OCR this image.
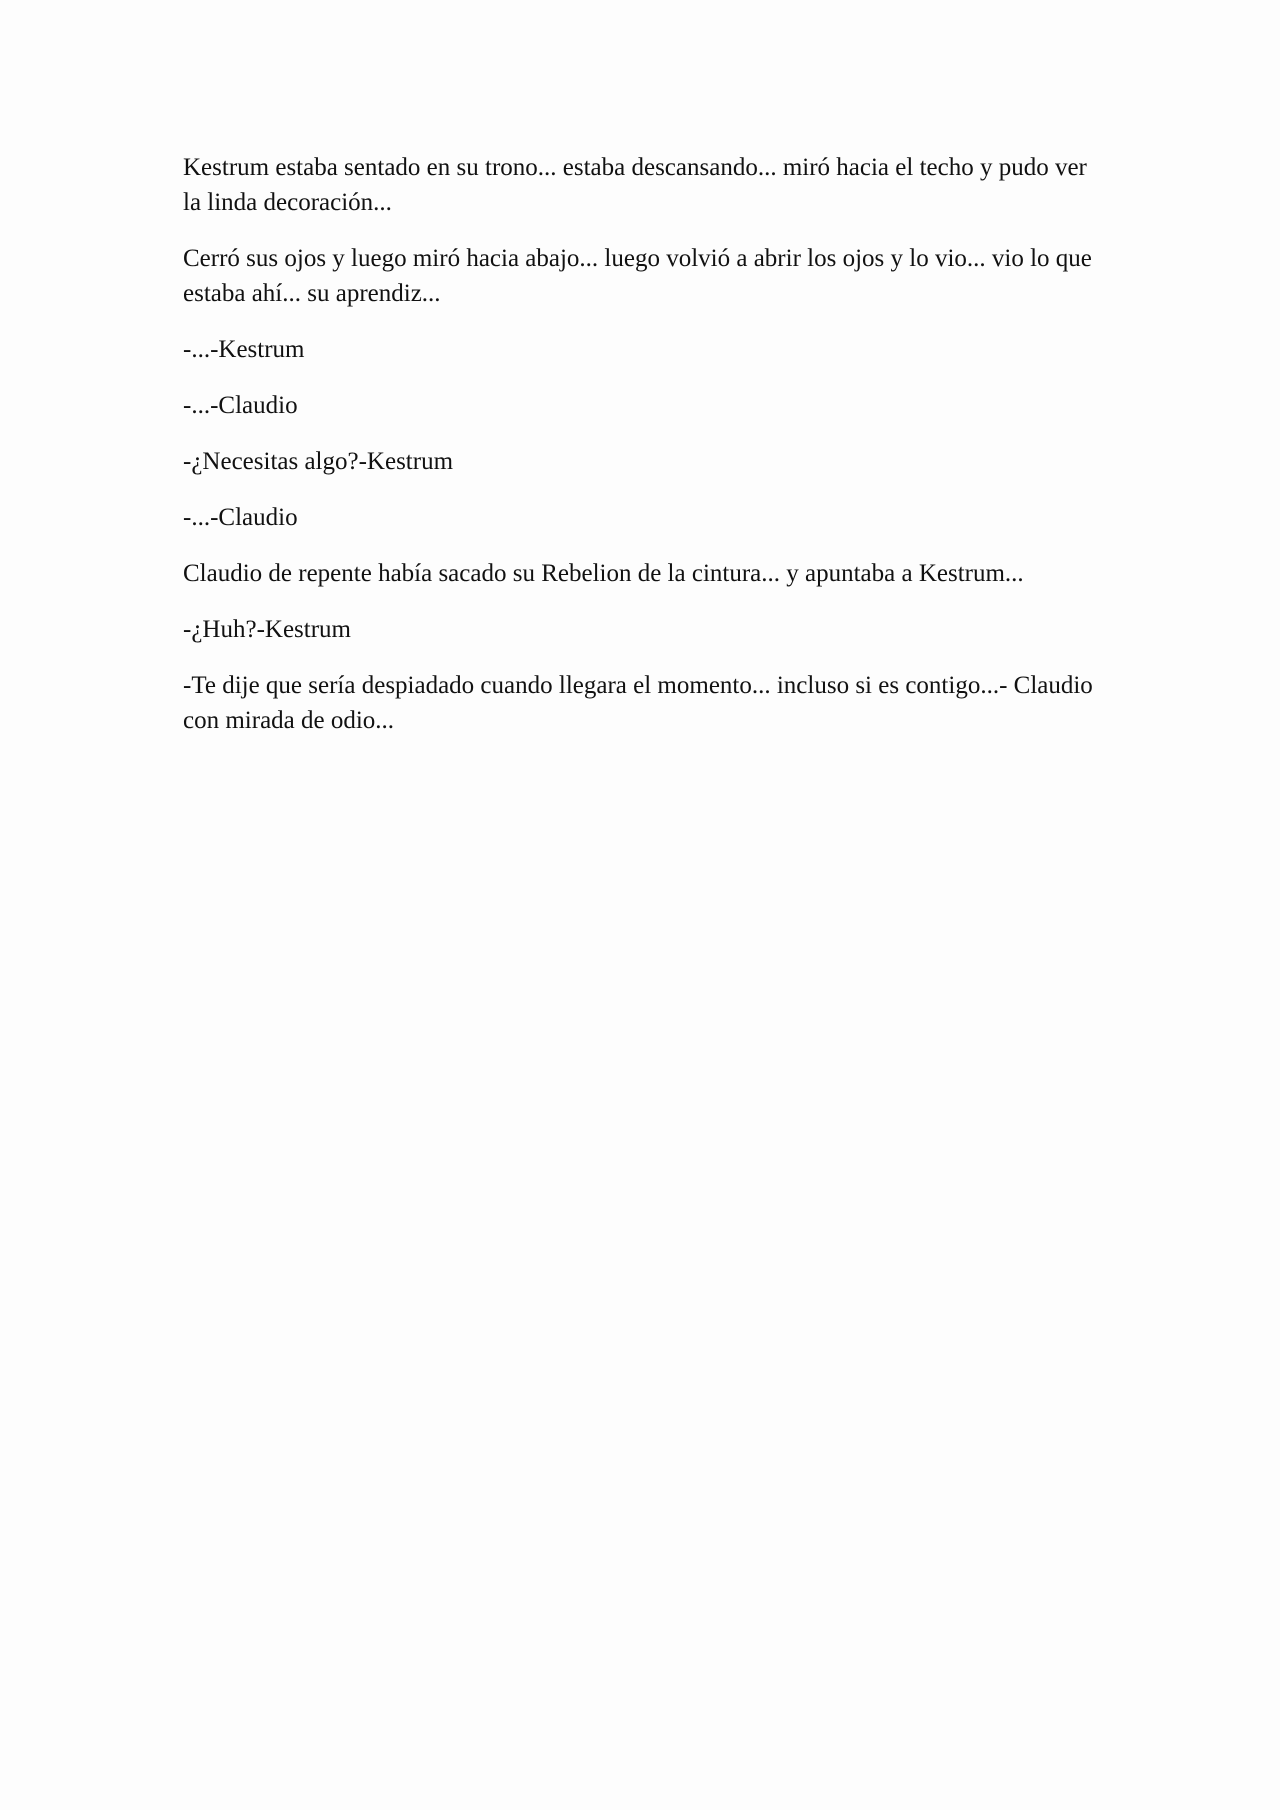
Kestrum estaba sentado en su trono... estaba descansando... miró hacia el techo y pudo ver la linda decoración...

Cerró sus ojos y luego miró hacia abajo... luego volvió a abrir los ojos y lo vio... vio lo que estaba ahí... su aprendiz...

-...-Kestrum

-...-Claudio

-¿Necesitas algo?-Kestrum

-...-Claudio

Claudio de repente había sacado su Rebelion de la cintura... y apuntaba a Kestrum...

-¿Huh?-Kestrum

-Te dije que sería despiadado cuando llegara el momento... incluso si es contigo...- Claudio con mirada de odio...
